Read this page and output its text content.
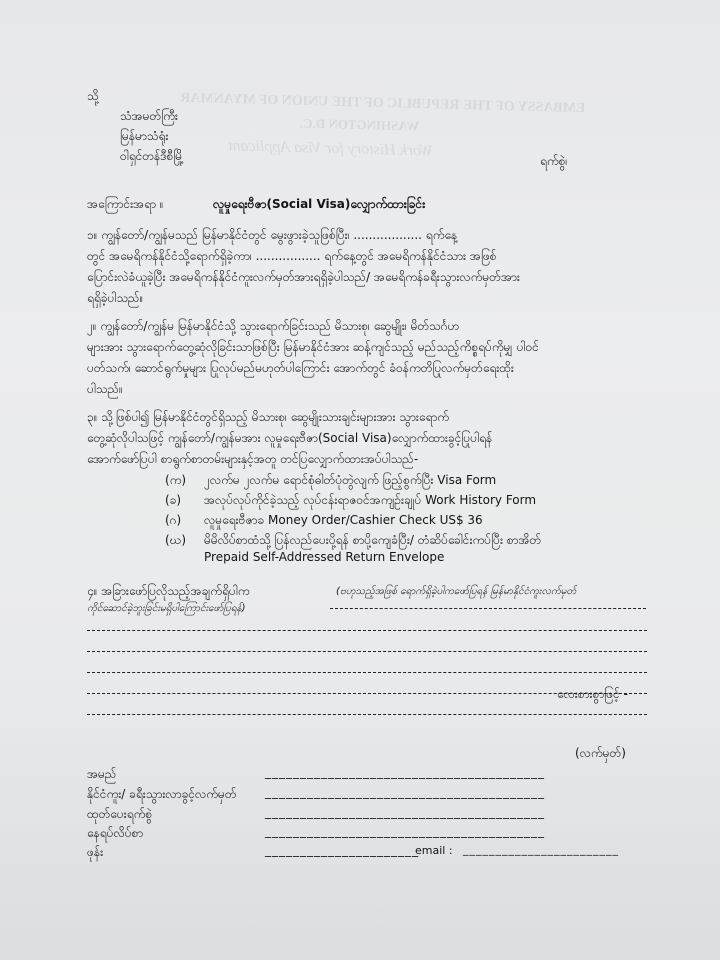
EMBASSY OF THE REPUBLIC OF THE UNION OF MYANMAR
WASHINGTON D.C.
Work History for Visa Applicant
သို့
သံအမတ်ကြီး
မြန်မာသံရုံး
ဝါရှင်တန်ဒီစီမြို့	ရက်စွဲ၊
အကြောင်းအရာ ။	လူမှုရေးဗီဇာ(Social Visa)လျှောက်ထားခြင်း
၁။ ကျွန်တော်/ကျွန်မသည် မြန်မာနိုင်ငံတွင် မွေးဖွားခဲ့သူဖြစ်ပြီး၊ .................. ရက်နေ့
တွင် အမေရိကန်နိုင်ငံသို့ရောက်ရှိခဲ့ကာ၊ ................. ရက်နေ့တွင် အမေရိကန်နိုင်ငံသား အဖြစ်
ပြောင်းလဲခံယူခဲ့ပြီး အမေရိကန်နိုင်ငံကူးလက်မှတ်အားရရှိခဲ့ပါသည်/ အမေရိကန်ခရီးသွားလက်မှတ်အား
ရရှိခဲ့ပါသည်။
၂။ ကျွန်တော်/ကျွန်မ မြန်မာနိုင်ငံသို့ သွားရောက်ခြင်းသည် မိသားစု၊ ဆွေမျိုး၊ မိတ်သင်္ဂဟ
များအား သွားရောက်တွေ့ဆုံလိုခြင်းသာဖြစ်ပြီး မြန်မာနိုင်ငံအား ဆန့်ကျင်သည့် မည်သည့်ကိစ္စရပ်ကိုမျှ ပါဝင်
ပတ်သက်၊ ဆောင်ရွက်မှုများ ပြုလုပ်မည်မဟုတ်ပါကြောင်း အောက်တွင် ခံဝန်ကတိပြုလက်မှတ်ရေးထိုး
ပါသည်။
၃။ သို့ဖြစ်ပါ၍ မြန်မာနိုင်ငံတွင်ရှိသည့် မိသားစု၊ ဆွေမျိုးသားချင်းများအား သွားရောက်
တွေ့ဆုံလိုပါသဖြင့် ကျွန်တော်/ကျွန်မအား လူမှုရေးဗီဇာ(Social Visa)လျှောက်ထားခွင့်ပြုပါရန်
အောက်ဖော်ပြပါ စာရွက်စာတမ်းများနှင့်အတူ တင်ပြလျှောက်ထားအပ်ပါသည်-
(က) ၂လက်မ ၂လက်မ ရောင်စုံဓါတ်ပုံတွဲလျက် ဖြည့်စွက်ပြီး Visa Form
(ခ) အလုပ်လုပ်ကိုင်ခဲ့သည့် လုပ်ငန်းရာဇဝင်အကျဉ်းချုပ် Work History Form
(ဂ) လူမှုရေးဗီဇာခ Money Order/Cashier Check US$ 36
(ဃ) မိမိလိပ်စာထံသို့ ပြန်လည်ပေးပို့ရန် စာပို့ကျေခံပြီး/ တံဆိပ်ခေါင်းကပ်ပြီး စာအိတ်
Prepaid Self-Addressed Return Envelope
၄။ အခြားဖော်ပြလိုသည့်အချက်ရှိပါက	(ဗဟုသည့်အဖြစ် ရောက်ရှိခဲ့ပါကဖော်ပြရန် မြန်မာနိုင်ငံကူးလက်မှတ်
ကိုင်ဆောင်ခဲ့ဘူးခြင်းမရှိပါကြောင်းဖော်ပြရန်)
လေးစားစွာဖြင့် -
(လက်မှတ်)
အမည်	________________________________________
နိုင်ငံကူး/ ခရီးသွားလာခွင့်လက်မှတ် ________________________________________
ထုတ်ပေးရက်စွဲ	________________________________________
နေရပ်လိပ်စာ	________________________________________
ဖုန်း	______________________
email : ________________________
